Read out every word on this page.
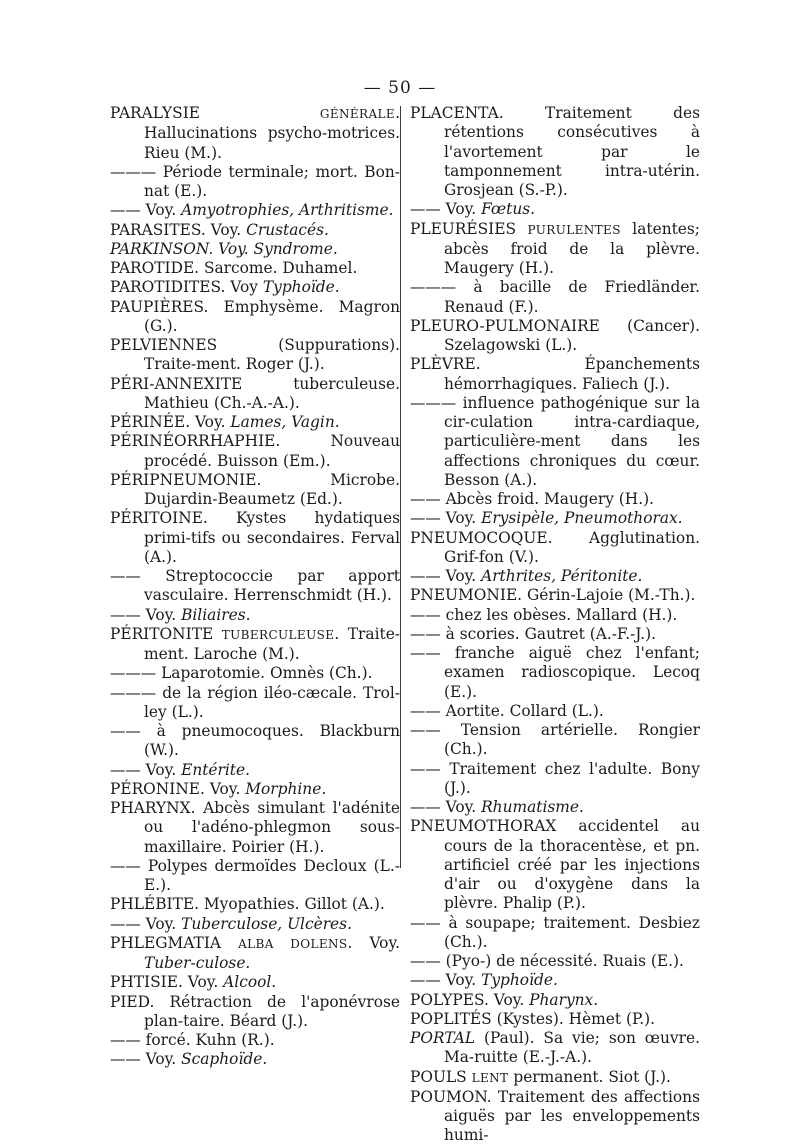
— 50 —
PARALYSIE GÉNÉRALE. Hallucinations psycho-motrices. Rieu (M.).
——— Période terminale; mort. Bon-nat (E.).
—— Voy. Amyotrophies, Arthritisme.
PARASITES. Voy. Crustacés.
PARKINSON. Voy. Syndrome.
PAROTIDE. Sarcome. Duhamel.
PAROTIDITES. Voy Typhoïde.
PAUPIÈRES. Emphysème. Magron (G.).
PELVIENNES (Suppurations). Traite-ment. Roger (J.).
PÉRI-ANNEXITE tuberculeuse. Mathieu (Ch.-A.-A.).
PÉRINÉE. Voy. Lames, Vagin.
PÉRINÉORRHAPHIE. Nouveau procédé. Buisson (Em.).
PÉRIPNEUMONIE. Microbe. Dujardin-Beaumetz (Ed.).
PÉRITOINE. Kystes hydatiques primi-tifs ou secondaires. Ferval (A.).
—— Streptococcie par apport vasculaire. Herrenschmidt (H.).
—— Voy. Biliaires.
PÉRITONITE TUBERCULEUSE. Traite-ment. Laroche (M.).
——— Laparotomie. Omnès (Ch.).
——— de la région iléo-cæcale. Trol-ley (L.).
—— à pneumocoques. Blackburn (W.).
—— Voy. Entérite.
PÉRONINE. Voy. Morphine.
PHARYNX. Abcès simulant l'adénite ou l'adéno-phlegmon sous-maxillaire. Poirier (H.).
—— Polypes dermoïdes Decloux (L.-E.).
PHLÉBITE. Myopathies. Gillot (A.).
—— Voy. Tuberculose, Ulcères.
PHLEGMATIA ALBA DOLENS. Voy. Tuber-culose.
PHTISIE. Voy. Alcool.
PIED. Rétraction de l'aponévrose plan-taire. Béard (J.).
—— forcé. Kuhn (R.).
—— Voy. Scaphoïde.
PLACENTA. Traitement des rétentions consécutives à l'avortement par le tamponnement intra-utérin. Grosjean (S.-P.).
—— Voy. Fœtus.
PLEURÉSIES PURULENTES latentes; abcès froid de la plèvre. Maugery (H.).
——— à bacille de Friedländer. Renaud (F.).
PLEURO-PULMONAIRE (Cancer). Szelagowski (L.).
PLÈVRE. Épanchements hémorrhagiques. Faliech (J.).
——— influence pathogénique sur la cir-culation intra-cardiaque, particulière-ment dans les affections chroniques du cœur. Besson (A.).
—— Abcès froid. Maugery (H.).
—— Voy. Erysipèle, Pneumothorax.
PNEUMOCOQUE. Agglutination. Grif-fon (V.).
—— Voy. Arthrites, Péritonite.
PNEUMONIE. Gérin-Lajoie (M.-Th.).
—— chez les obèses. Mallard (H.).
—— à scories. Gautret (A.-F.-J.).
—— franche aiguë chez l'enfant; examen radioscopique. Lecoq (E.).
—— Aortite. Collard (L.).
—— Tension artérielle. Rongier (Ch.).
—— Traitement chez l'adulte. Bony (J.).
—— Voy. Rhumatisme.
PNEUMOTHORAX accidentel au cours de la thoracentèse, et pn. artificiel créé par les injections d'air ou d'oxygène dans la plèvre. Phalip (P.).
—— à soupape; traitement. Desbiez (Ch.).
—— (Pyo-) de nécessité. Ruais (E.).
—— Voy. Typhoïde.
POLYPES. Voy. Pharynx.
POPLITÉS (Kystes). Hèmet (P.).
PORTAL (Paul). Sa vie; son œuvre. Ma-ruitte (E.-J.-A.).
POULS LENT permanent. Siot (J.).
POUMON. Traitement des affections aiguës par les enveloppements humi-
